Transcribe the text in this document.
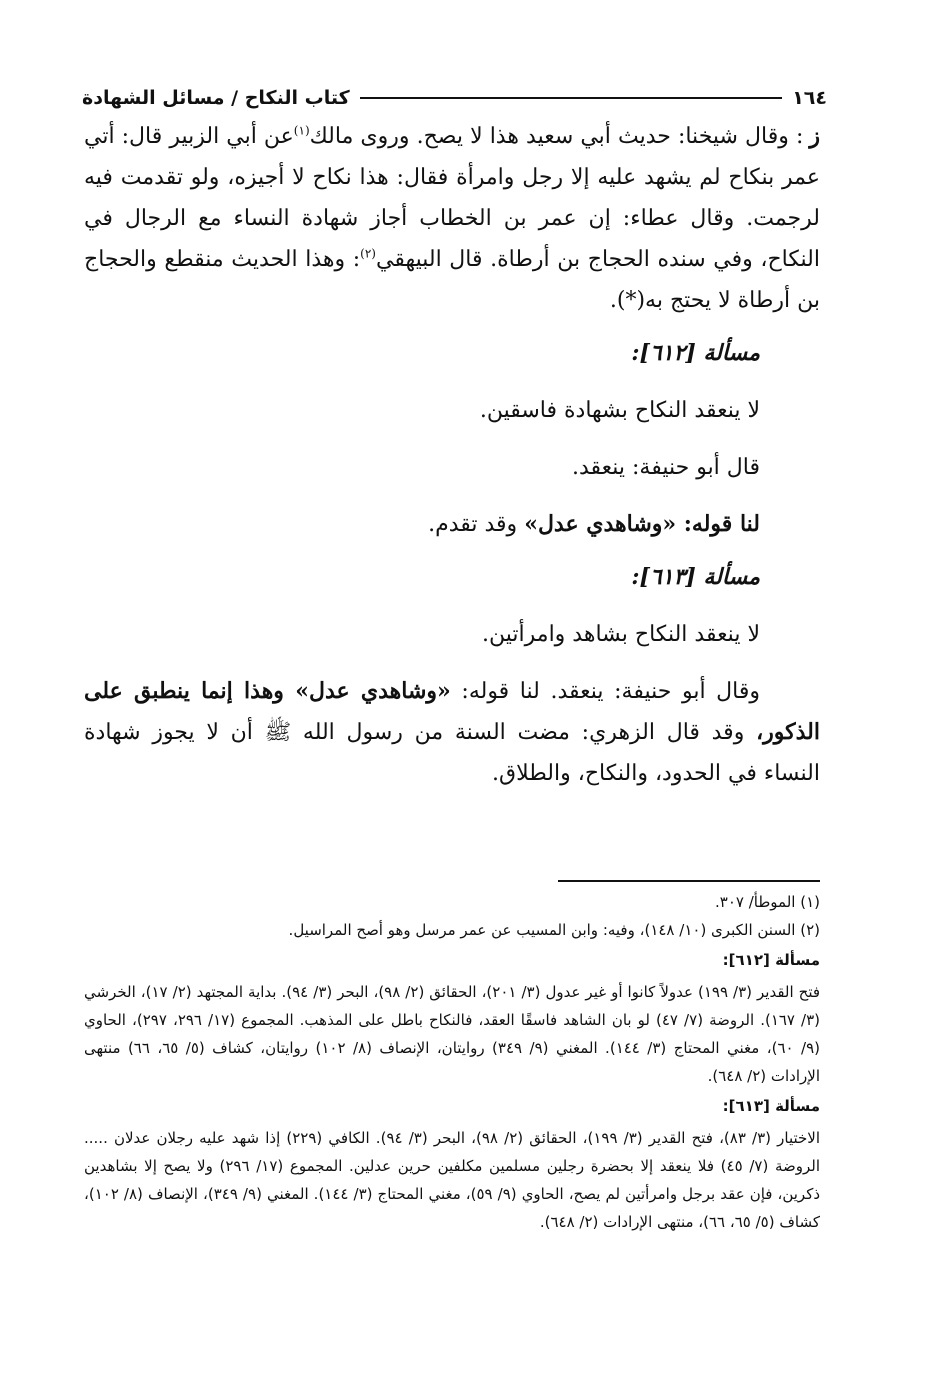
١٦٤
كتاب النكاح / مسائل الشهادة

ز: وقال شيخنا: حديث أبي سعيد هذا لا يصح. وروى مالك$^{(١)}$عن أبي الزبير قال: أتي عمر بنكاح لم يشهد عليه إلا رجل وامرأة فقال: هذا نكاح لا أجيزه، ولو تقدمت فيه لرجمت. وقال عطاء: إن عمر بن الخطاب أجاز شهادة النساء مع الرجال في النكاح، وفي سنده الحجاج بن أرطاة. قال البيهقي$^{(٢)}$: وهذا الحديث منقطع والحجاج بن أرطاة لا يحتج به(*).

مسألة [٦١٢]:

لا ينعقد النكاح بشهادة فاسقين.

قال أبو حنيفة: ينعقد.

لنا قوله: «وشاهدي عدل» وقد تقدم.

مسألة [٦١٣]:

لا ينعقد النكاح بشاهد وامرأتين.

وقال أبو حنيفة: ينعقد. لنا قوله: «وشاهدي عدل» وهذا إنما ينطبق على الذكور، وقد قال الزهري: مضت السنة من رسول الله ﷺ أن لا يجوز شهادة النساء في الحدود، والنكاح، والطلاق.

(١) الموطأ/ ٣٠٧.

(٢) السنن الكبرى (١٠/ ١٤٨)، وفيه: وابن المسيب عن عمر مرسل وهو أصح المراسيل.

مسألة [٦١٢]:

فتح القدير (٣/ ١٩٩) عدولاً كانوا أو غير عدول (٣/ ٢٠١)، الحقائق (٢/ ٩٨)، البحر (٣/ ٩٤). بداية المجتهد (٢/ ١٧)، الخرشي (٣/ ١٦٧). الروضة (٧/ ٤٧) لو بان الشاهد فاسقًا العقد، فالنكاح باطل على المذهب. المجموع (١٧/ ٢٩٦، ٢٩٧)، الحاوي (٩/ ٦٠)، مغني المحتاج (٣/ ١٤٤). المغني (٩/ ٣٤٩) روايتان، الإنصاف (٨/ ١٠٢) روايتان، كشاف (٥/ ٦٥، ٦٦) منتهى الإرادات (٢/ ٦٤٨).

مسألة [٦١٣]:

الاختيار (٣/ ٨٣)، فتح القدير (٣/ ١٩٩)، الحقائق (٢/ ٩٨)، البحر (٣/ ٩٤). الكافي (٢٢٩) إذا شهد عليه رجلان عدلان ..... الروضة (٧/ ٤٥) فلا ينعقد إلا بحضرة رجلين مسلمين مكلفين حرين عدلين. المجموع (١٧/ ٢٩٦) ولا يصح إلا بشاهدين ذكرين، فإن عقد برجل وامرأتين لم يصح، الحاوي (٩/ ٥٩)، مغني المحتاج (٣/ ١٤٤). المغني (٩/ ٣٤٩)، الإنصاف (٨/ ١٠٢)، كشاف (٥/ ٦٥، ٦٦)، منتهى الإرادات (٢/ ٦٤٨).
